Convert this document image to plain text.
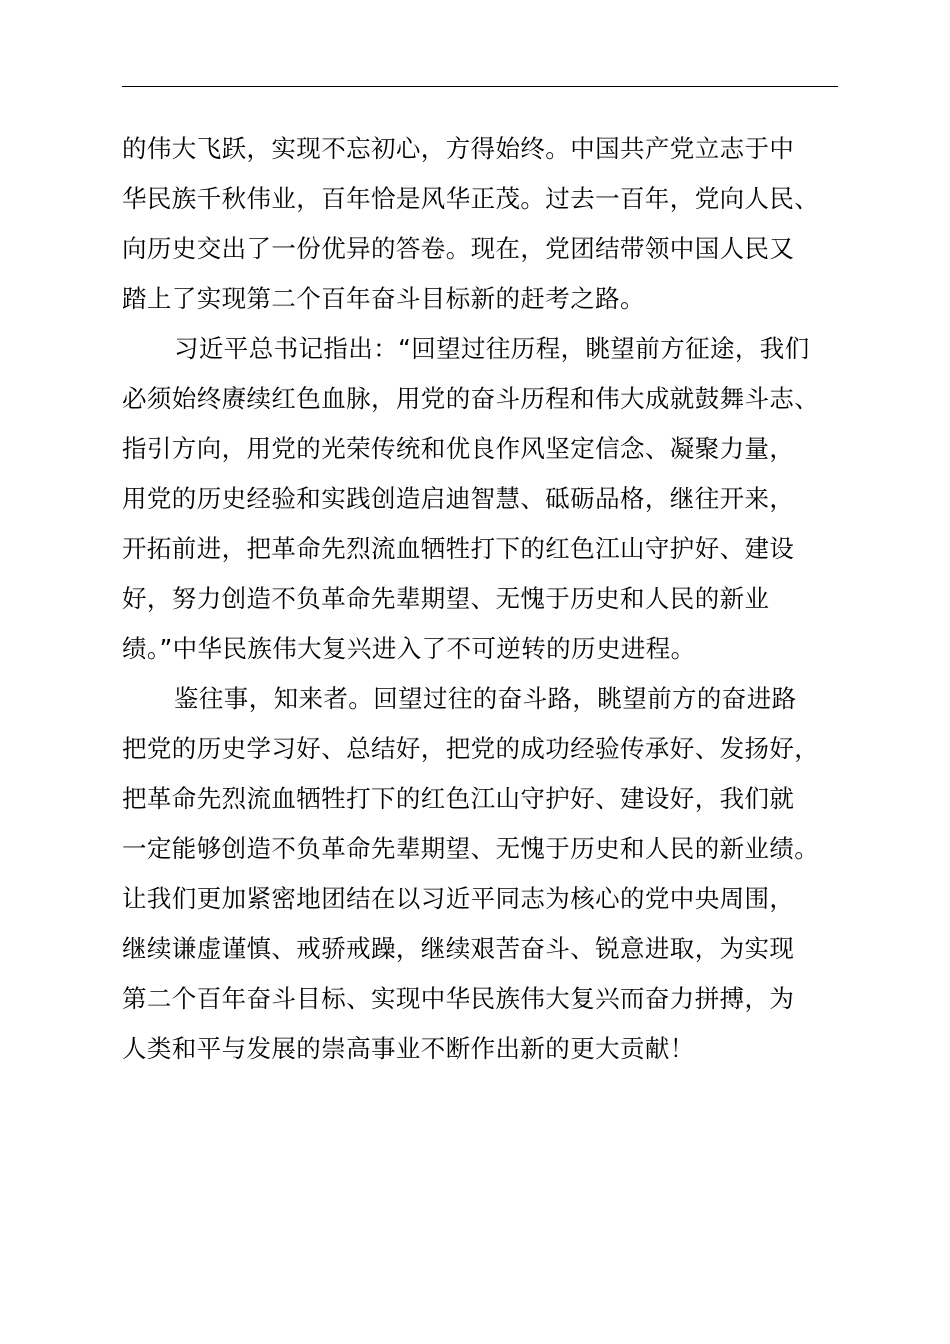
的伟大飞跃，实现不忘初心，方得始终。中国共产党立志于中
华民族千秋伟业，百年恰是风华正茂。过去一百年，党向人民、
向历史交出了一份优异的答卷。现在，党团结带领中国人民又
踏上了实现第二个百年奋斗目标新的赶考之路。
习近平总书记指出：“回望过往历程，眺望前方征途，我们
必须始终赓续红色血脉，用党的奋斗历程和伟大成就鼓舞斗志、
指引方向，用党的光荣传统和优良作风坚定信念、凝聚力量，
用党的历史经验和实践创造启迪智慧、砥砺品格，继往开来，
开拓前进，把革命先烈流血牺牲打下的红色江山守护好、建设
好，努力创造不负革命先辈期望、无愧于历史和人民的新业
绩。”中华民族伟大复兴进入了不可逆转的历史进程。
鉴往事，知来者。回望过往的奋斗路，眺望前方的奋进路
把党的历史学习好、总结好，把党的成功经验传承好、发扬好，
把革命先烈流血牺牲打下的红色江山守护好、建设好，我们就
一定能够创造不负革命先辈期望、无愧于历史和人民的新业绩。
让我们更加紧密地团结在以习近平同志为核心的党中央周围，
继续谦虚谨慎、戒骄戒躁，继续艰苦奋斗、锐意进取，为实现
第二个百年奋斗目标、实现中华民族伟大复兴而奋力拼搏，为
人类和平与发展的崇高事业不断作出新的更大贡献！
